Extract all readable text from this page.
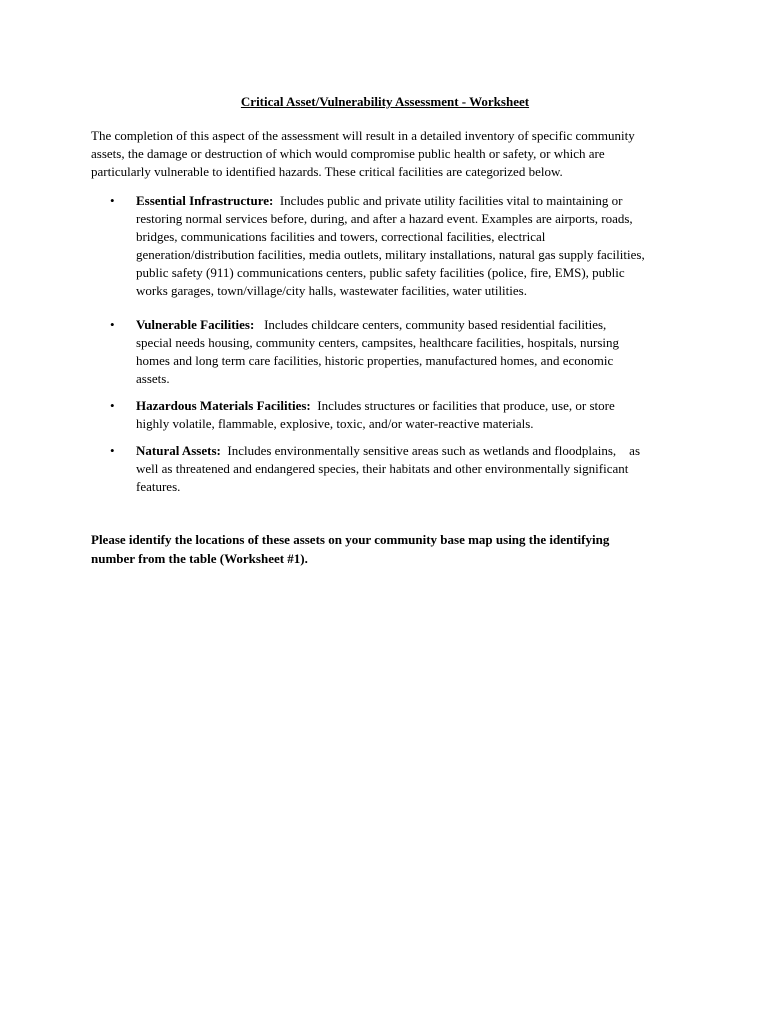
Critical Asset/Vulnerability Assessment - Worksheet
The completion of this aspect of the assessment will result in a detailed inventory of specific community
assets, the damage or destruction of which would compromise public health or safety, or which are
particularly vulnerable to identified hazards. These critical facilities are categorized below.
• Essential Infrastructure:  Includes public and private utility facilities vital to maintaining or
restoring normal services before, during, and after a hazard event. Examples are airports, roads,
bridges, communications facilities and towers, correctional facilities, electrical
generation/distribution facilities, media outlets, military installations, natural gas supply facilities,
public safety (911) communications centers, public safety facilities (police, fire, EMS), public
works garages, town/village/city halls, wastewater facilities, water utilities.
• Vulnerable Facilities:   Includes childcare centers, community based residential facilities,
special needs housing, community centers, campsites, healthcare facilities, hospitals, nursing
homes and long term care facilities, historic properties, manufactured homes, and economic
assets.
• Hazardous Materials Facilities:  Includes structures or facilities that produce, use, or store
highly volatile, flammable, explosive, toxic, and/or water-reactive materials.
• Natural Assets:  Includes environmentally sensitive areas such as wetlands and floodplains,    as
well as threatened and endangered species, their habitats and other environmentally significant
features.
Please identify the locations of these assets on your community base map using the identifying
number from the table (Worksheet #1).
